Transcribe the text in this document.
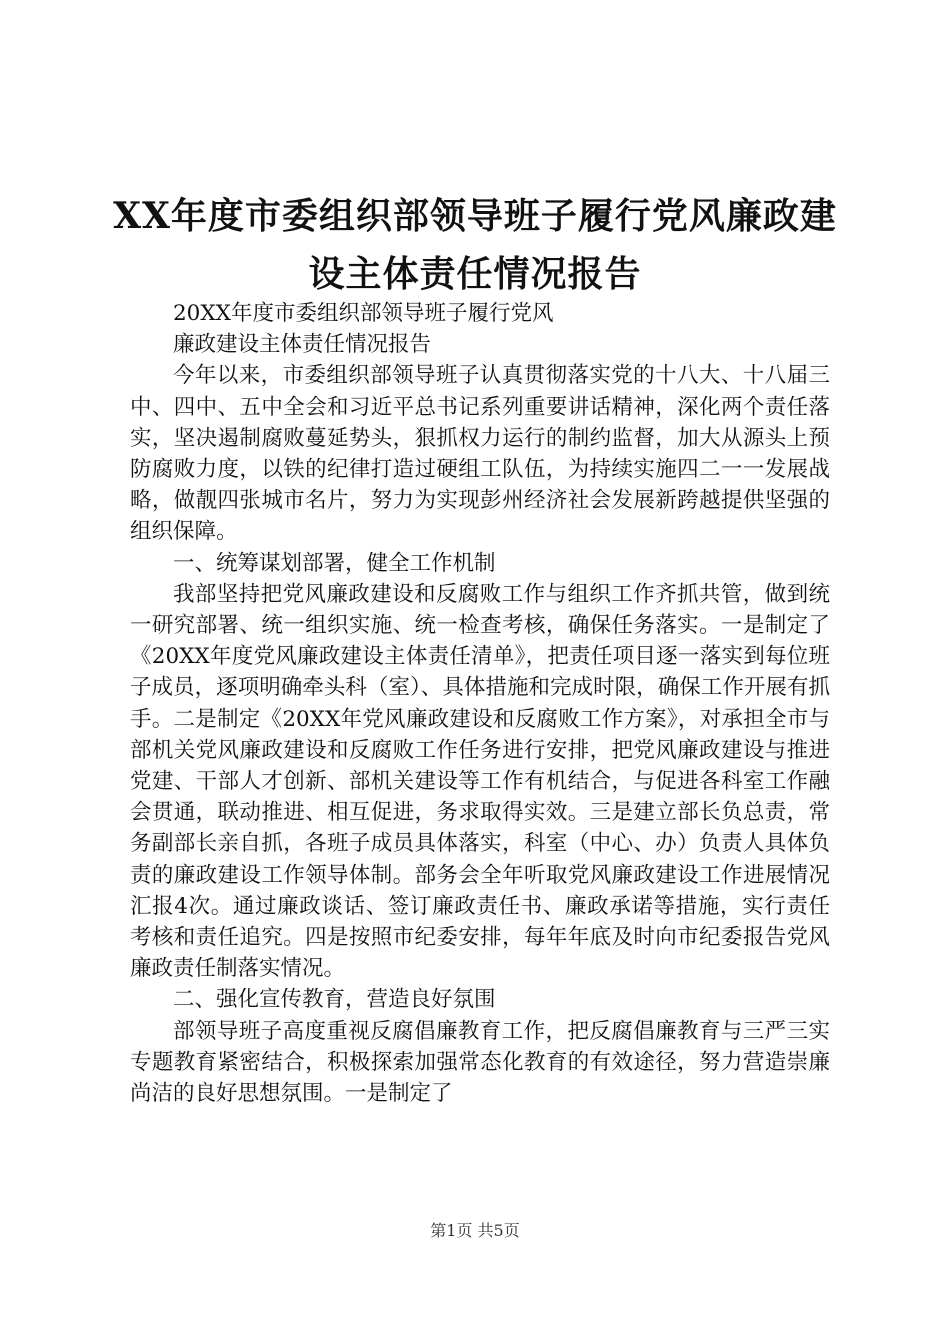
XX年度市委组织部领导班子履行党风廉政建
设主体责任情况报告

20XX年度市委组织部领导班子履行党风

廉政建设主体责任情况报告

今年以来，市委组织部领导班子认真贯彻落实党的十八大、十八届三中、四中、五中全会和习近平总书记系列重要讲话精神，深化两个责任落实，坚决遏制腐败蔓延势头，狠抓权力运行的制约监督，加大从源头上预防腐败力度，以铁的纪律打造过硬组工队伍，为持续实施四二一一发展战略，做靓四张城市名片，努力为实现彭州经济社会发展新跨越提供坚强的组织保障。

一、统筹谋划部署，健全工作机制

我部坚持把党风廉政建设和反腐败工作与组织工作齐抓共管，做到统一研究部署、统一组织实施、统一检查考核，确保任务落实。一是制定了《20XX年度党风廉政建设主体责任清单》，把责任项目逐一落实到每位班子成员，逐项明确牵头科（室）、具体措施和完成时限，确保工作开展有抓手。二是制定《20XX年党风廉政建设和反腐败工作方案》，对承担全市与部机关党风廉政建设和反腐败工作任务进行安排，把党风廉政建设与推进党建、干部人才创新、部机关建设等工作有机结合，与促进各科室工作融会贯通，联动推进、相互促进，务求取得实效。三是建立部长负总责，常务副部长亲自抓，各班子成员具体落实，科室（中心、办）负责人具体负责的廉政建设工作领导体制。部务会全年听取党风廉政建设工作进展情况汇报4次。通过廉政谈话、签订廉政责任书、廉政承诺等措施，实行责任考核和责任追究。四是按照市纪委安排，每年年底及时向市纪委报告党风廉政责任制落实情况。

二、强化宣传教育，营造良好氛围

部领导班子高度重视反腐倡廉教育工作，把反腐倡廉教育与三严三实专题教育紧密结合，积极探索加强常态化教育的有效途径，努力营造崇廉尚洁的良好思想氛围。一是制定了

第1页 共5页
